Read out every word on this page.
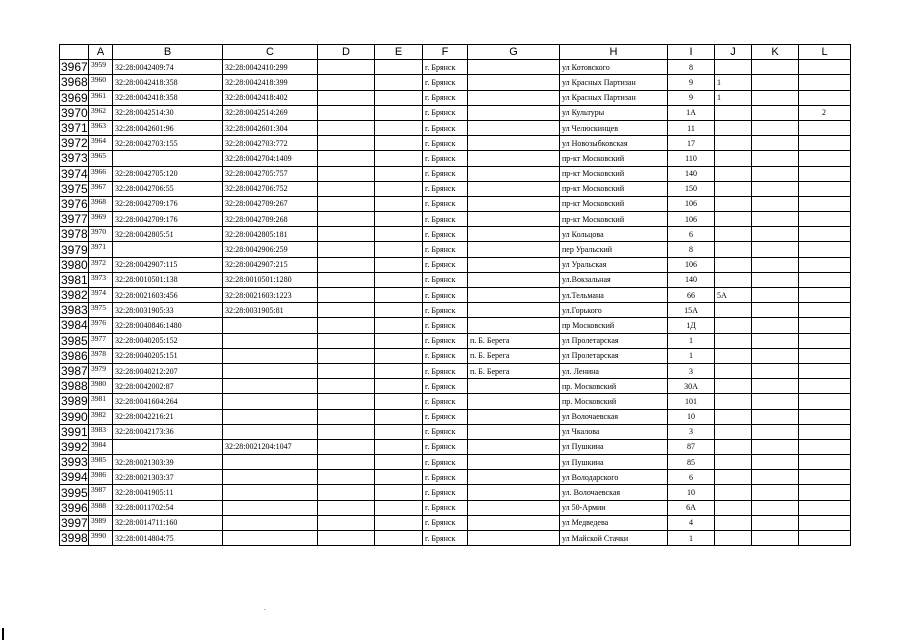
	A	B	C	D	E	F	G	H	I	J	K	L
3967	3959	32:28:0042409:74	32:28:0042410:299			г. Брянск		ул Котовского	8			
3968	3960	32:28:0042418:358	32:28:0042418:399			г. Брянск		ул Красных Партизан	9	1		
3969	3961	32:28:0042418:358	32:28:0042418:402			г. Брянск		ул Красных Партизан	9	1		
3970	3962	32:28:0042514:30	32:28:0042514:269			г. Брянск		ул Культуры	1А			2
3971	3963	32:28:0042601:96	32:28:0042601:304			г. Брянск		ул Челюскинцев	11			
3972	3964	32:28:0042703:155	32:28:0042703:772			г. Брянск		ул Новозыбковская	17			
3973	3965		32:28:0042704:1409			г. Брянск		пр-кт Московский	110			
3974	3966	32:28:0042705:120	32:28:0042705:757			г. Брянск		пр-кт Московский	140			
3975	3967	32:28:0042706:55	32:28:0042706:752			г. Брянск		пр-кт Московский	150			
3976	3968	32:28:0042709:176	32:28:0042709:267			г. Брянск		пр-кт Московский	106			
3977	3969	32:28:0042709:176	32:28:0042709:268			г. Брянск		пр-кт Московский	106			
3978	3970	32:28:0042805:51	32:28:0042805:181			г. Брянск		ул Кольцова	6			
3979	3971		32:28:0042906:259			г. Брянск		пер Уральский	8			
3980	3972	32:28:0042907:115	32:28:0042907:215			г. Брянск		ул Уральская	106			
3981	3973	32:28:0010501:138	32:28:0010501:1280			г. Брянск		ул.Вокзальная	140			
3982	3974	32:28:0021603:456	32:28:0021603:1223			г. Брянск		ул.Тельмана	66	5А		
3983	3975	32:28:0031905:33	32:28:0031905:81			г. Брянск		ул.Горького	15А			
3984	3976	32:28:0040846:1480				г. Брянск		пр Московский	1Д			
3985	3977	32:28:0040205:152				г. Брянск	п. Б. Берега	ул Пролетарская	1			
3986	3978	32:28:0040205:151				г. Брянск	п. Б. Берега	ул Пролетарская	1			
3987	3979	32:28:0040212:207				г. Брянск	п. Б. Берега	ул. Ленина	3			
3988	3980	32:28:0042002:87				г. Брянск		пр. Московский	30А			
3989	3981	32:28:0041604:264				г. Брянск		пр. Московский	101			
3990	3982	32:28:0042216:21				г. Брянск		ул Волочаевская	10			
3991	3983	32:28:0042173:36				г. Брянск		ул Чкалова	3			
3992	3984		32:28:0021204:1047			г. Брянск		ул Пушкина	87			
3993	3985	32:28:0021303:39				г. Брянск		ул Пушкина	85			
3994	3986	32:28:0021303:37				г. Брянск		ул Володарского	6			
3995	3987	32:28:0041905:11				г. Брянск		ул. Волочаевская	10			
3996	3988	32:28:0011702:54				г. Брянск		ул 50-Армии	6А			
3997	3989	32:28:0014711:160				г. Брянск		ул Медведева	4			
3998	3990	32:28:0014804:75				г. Брянск		ул Майской Стачки	1			
